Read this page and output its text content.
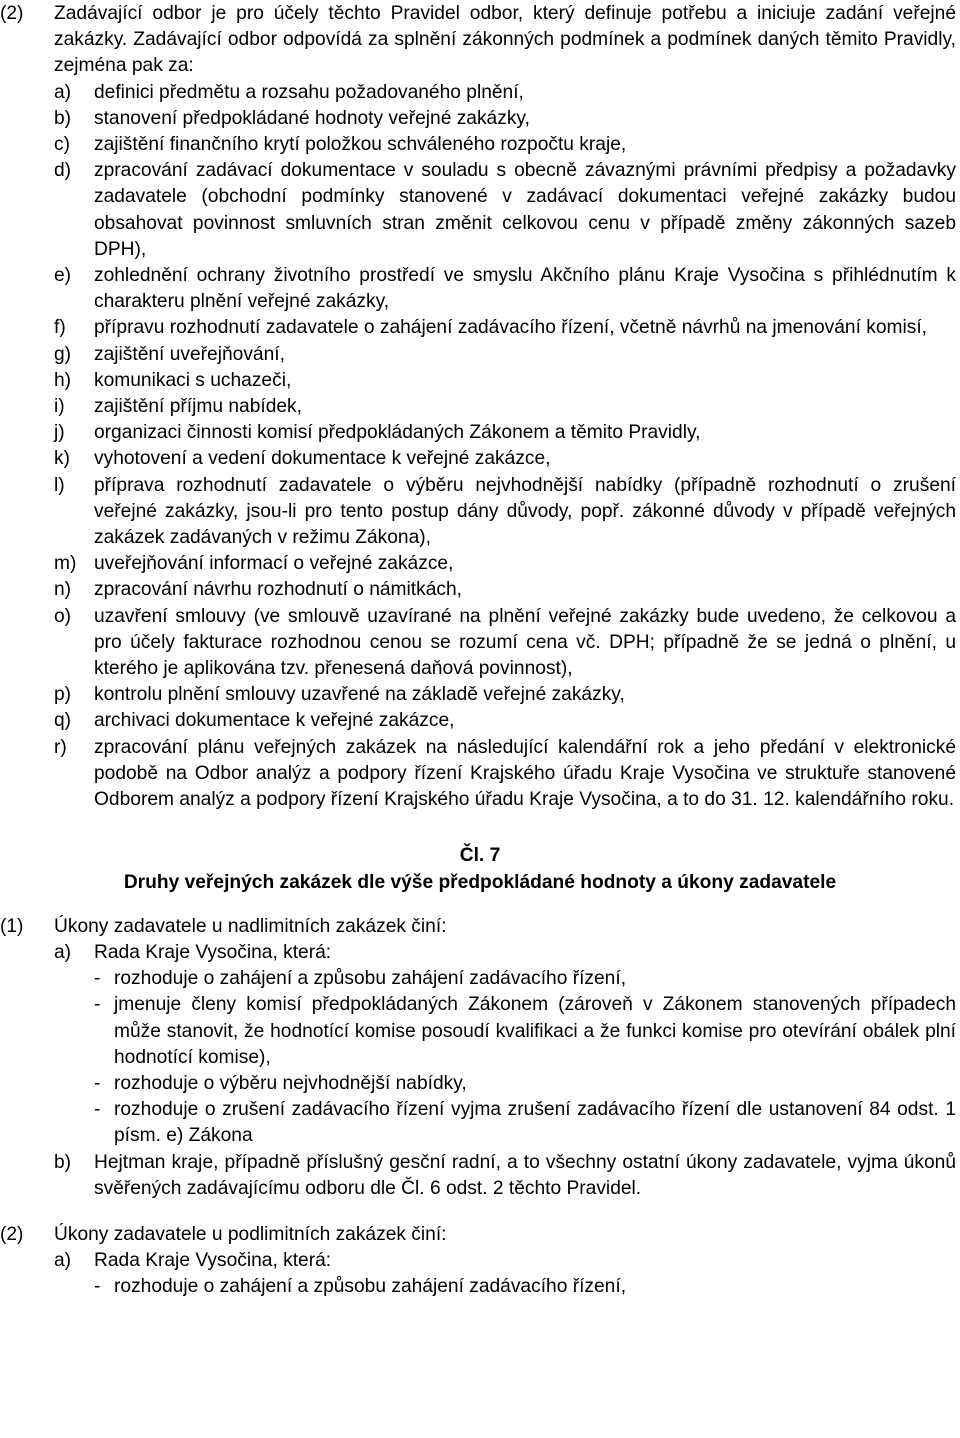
(2) Zadávající odbor je pro účely těchto Pravidel odbor, který definuje potřebu a iniciuje zadání veřejné zakázky. Zadávající odbor odpovídá za splnění zákonných podmínek a podmínek daných těmito Pravidly, zejména pak za:
a) definici předmětu a rozsahu požadovaného plnění,
b) stanovení předpokládané hodnoty veřejné zakázky,
c) zajištění finančního krytí položkou schváleného rozpočtu kraje,
d) zpracování zadávací dokumentace v souladu s obecně závaznými právními předpisy a požadavky zadavatele (obchodní podmínky stanovené v zadávací dokumentaci veřejné zakázky budou obsahovat povinnost smluvních stran změnit celkovou cenu v případě změny zákonných sazeb DPH),
e) zohlednění ochrany životního prostředí ve smyslu Akčního plánu Kraje Vysočina s přihlédnutím k charakteru plnění veřejné zakázky,
f) přípravu rozhodnutí zadavatele o zahájení zadávacího řízení, včetně návrhů na jmenování komisí,
g) zajištění uveřejňování,
h) komunikaci s uchazeči,
i) zajištění příjmu nabídek,
j) organizaci činnosti komisí předpokládaných Zákonem a těmito Pravidly,
k) vyhotovení a vedení dokumentace k veřejné zakázce,
l) příprava rozhodnutí zadavatele o výběru nejvhodnější nabídky (případně rozhodnutí o zrušení veřejné zakázky, jsou-li pro tento postup dány důvody, popř. zákonné důvody v případě veřejných zakázek zadávaných v režimu Zákona),
m) uveřejňování informací o veřejné zakázce,
n) zpracování návrhu rozhodnutí o námitkách,
o) uzavření smlouvy (ve smlouvě uzavírané na plnění veřejné zakázky bude uvedeno, že celkovou a pro účely fakturace rozhodnou cenou se rozumí cena vč. DPH; případně že se jedná o plnění, u kterého je aplikována tzv. přenesená daňová povinnost),
p) kontrolu plnění smlouvy uzavřené na základě veřejné zakázky,
q) archivaci dokumentace k veřejné zakázce,
r) zpracování plánu veřejných zakázek na následující kalendářní rok a jeho předání v elektronické podobě na Odbor analýz a podpory řízení Krajského úřadu Kraje Vysočina ve struktuře stanovené Odborem analýz a podpory řízení Krajského úřadu Kraje Vysočina, a to do 31. 12. kalendářního roku.
Čl. 7
Druhy veřejných zakázek dle výše předpokládané hodnoty a úkony zadavatele
(1) Úkony zadavatele u nadlimitních zakázek činí:
a) Rada Kraje Vysočina, která:
- rozhoduje o zahájení a způsobu zahájení zadávacího řízení,
- jmenuje členy komisí předpokládaných Zákonem (zároveň v Zákonem stanovených případech může stanovit, že hodnotící komise posoudí kvalifikaci a že funkci komise pro otevírání obálek plní hodnotící komise),
- rozhoduje o výběru nejvhodnější nabídky,
- rozhoduje o zrušení zadávacího řízení vyjma zrušení zadávacího řízení dle ustanovení 84 odst. 1 písm. e) Zákona
b) Hejtman kraje, případně příslušný gesční radní, a to všechny ostatní úkony zadavatele, vyjma úkonů svěřených zadávajícímu odboru dle Čl. 6 odst. 2 těchto Pravidel.
(2) Úkony zadavatele u podlimitních zakázek činí:
a) Rada Kraje Vysočina, která:
- rozhoduje o zahájení a způsobu zahájení zadávacího řízení,
